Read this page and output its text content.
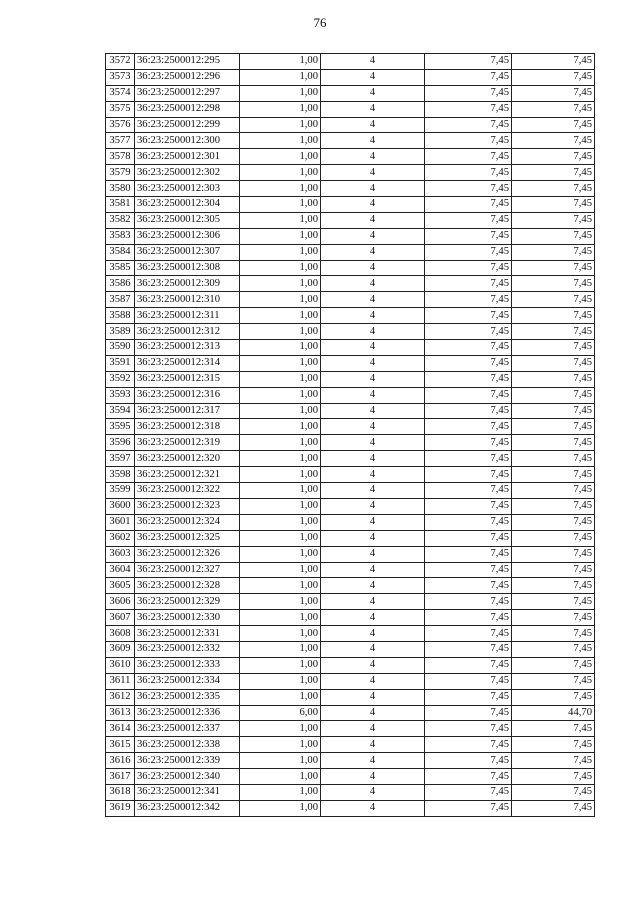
76
3572	36:23:2500012:295	1,00	4	7,45	7,45
3573	36:23:2500012:296	1,00	4	7,45	7,45
3574	36:23:2500012:297	1,00	4	7,45	7,45
3575	36:23:2500012:298	1,00	4	7,45	7,45
3576	36:23:2500012:299	1,00	4	7,45	7,45
3577	36:23:2500012:300	1,00	4	7,45	7,45
3578	36:23:2500012:301	1,00	4	7,45	7,45
3579	36:23:2500012:302	1,00	4	7,45	7,45
3580	36:23:2500012:303	1,00	4	7,45	7,45
3581	36:23:2500012:304	1,00	4	7,45	7,45
3582	36:23:2500012:305	1,00	4	7,45	7,45
3583	36:23:2500012:306	1,00	4	7,45	7,45
3584	36:23:2500012:307	1,00	4	7,45	7,45
3585	36:23:2500012:308	1,00	4	7,45	7,45
3586	36:23:2500012:309	1,00	4	7,45	7,45
3587	36:23:2500012:310	1,00	4	7,45	7,45
3588	36:23:2500012:311	1,00	4	7,45	7,45
3589	36:23:2500012:312	1,00	4	7,45	7,45
3590	36:23:2500012:313	1,00	4	7,45	7,45
3591	36:23:2500012:314	1,00	4	7,45	7,45
3592	36:23:2500012:315	1,00	4	7,45	7,45
3593	36:23:2500012:316	1,00	4	7,45	7,45
3594	36:23:2500012:317	1,00	4	7,45	7,45
3595	36:23:2500012:318	1,00	4	7,45	7,45
3596	36:23:2500012:319	1,00	4	7,45	7,45
3597	36:23:2500012:320	1,00	4	7,45	7,45
3598	36:23:2500012:321	1,00	4	7,45	7,45
3599	36:23:2500012:322	1,00	4	7,45	7,45
3600	36:23:2500012:323	1,00	4	7,45	7,45
3601	36:23:2500012:324	1,00	4	7,45	7,45
3602	36:23:2500012:325	1,00	4	7,45	7,45
3603	36:23:2500012:326	1,00	4	7,45	7,45
3604	36:23:2500012:327	1,00	4	7,45	7,45
3605	36:23:2500012:328	1,00	4	7,45	7,45
3606	36:23:2500012:329	1,00	4	7,45	7,45
3607	36:23:2500012:330	1,00	4	7,45	7,45
3608	36:23:2500012:331	1,00	4	7,45	7,45
3609	36:23:2500012:332	1,00	4	7,45	7,45
3610	36:23:2500012:333	1,00	4	7,45	7,45
3611	36:23:2500012:334	1,00	4	7,45	7,45
3612	36:23:2500012:335	1,00	4	7,45	7,45
3613	36:23:2500012:336	6,00	4	7,45	44,70
3614	36:23:2500012:337	1,00	4	7,45	7,45
3615	36:23:2500012:338	1,00	4	7,45	7,45
3616	36:23:2500012:339	1,00	4	7,45	7,45
3617	36:23:2500012:340	1,00	4	7,45	7,45
3618	36:23:2500012:341	1,00	4	7,45	7,45
3619	36:23:2500012:342	1,00	4	7,45	7,45
